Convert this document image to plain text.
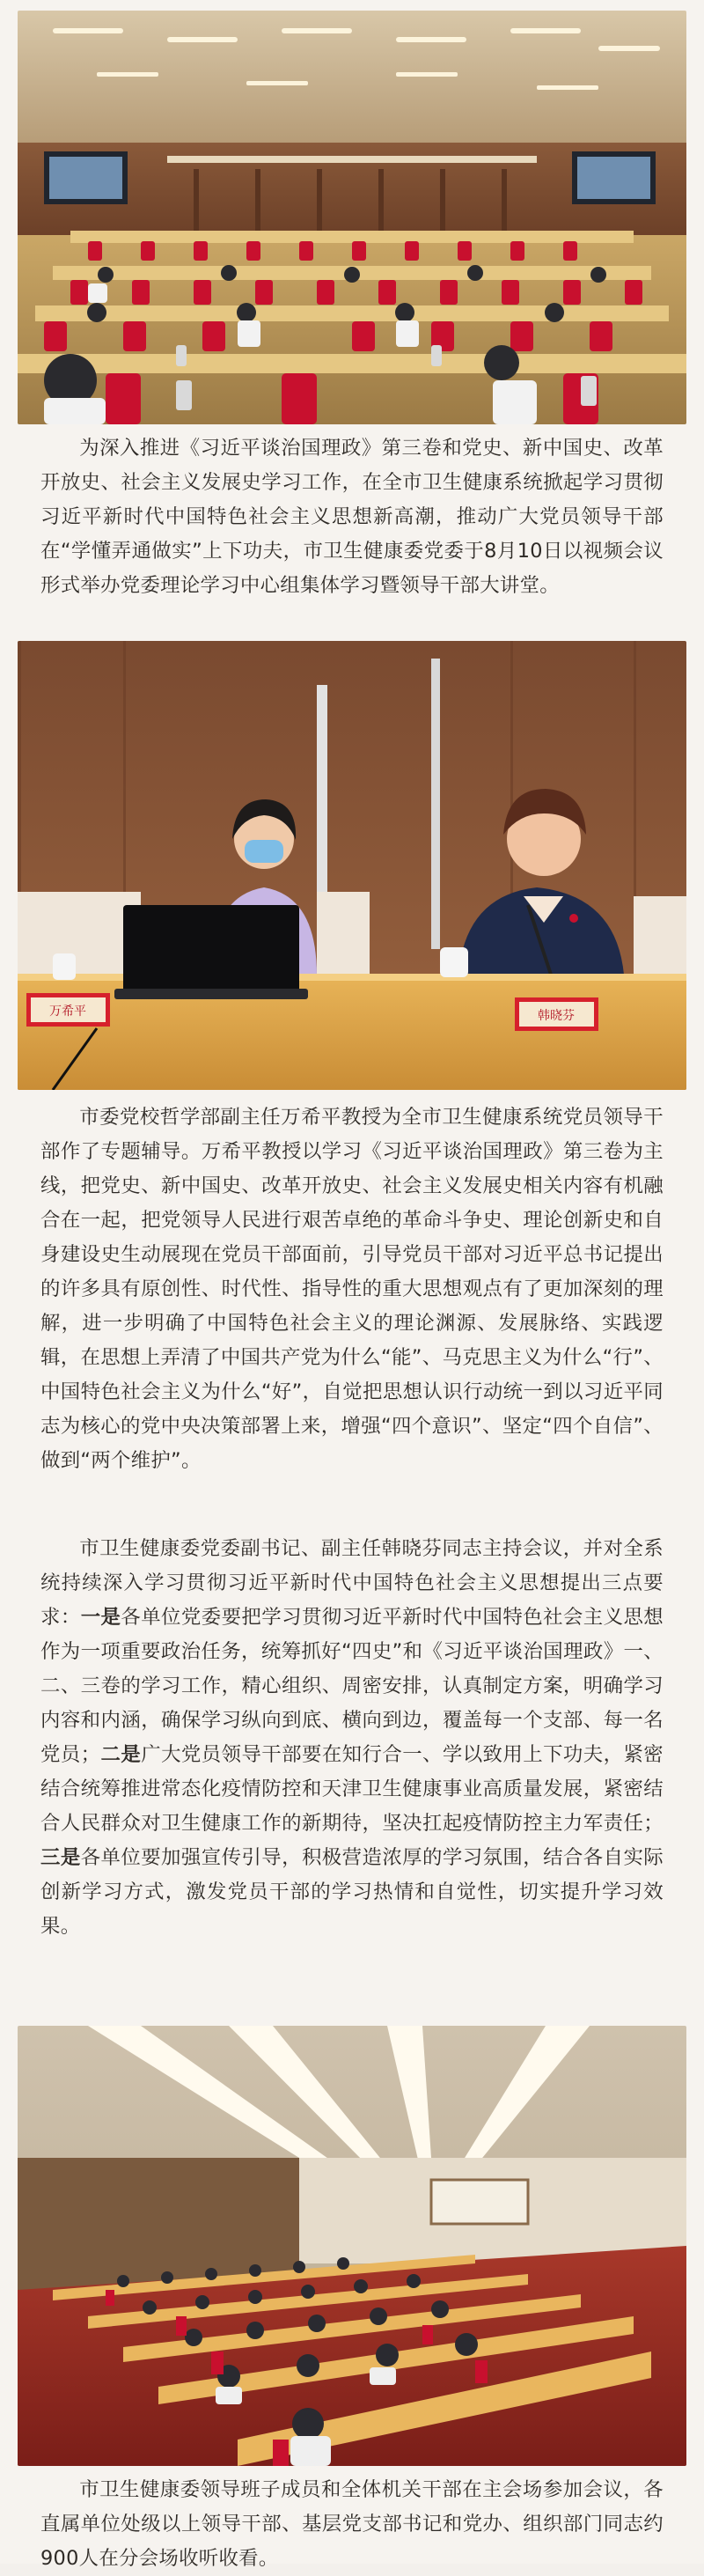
为深入推进《习近平谈治国理政》第三卷和党史、新中国史、改革开放史、社会主义发展史学习工作，在全市卫生健康系统掀起学习贯彻习近平新时代中国特色社会主义思想新高潮，推动广大党员领导干部在“学懂弄通做实”上下功夫，市卫生健康委党委于8月10日以视频会议形式举办党委理论学习中心组集体学习暨领导干部大讲堂。

万希平	韩晓芬

市委党校哲学部副主任万希平教授为全市卫生健康系统党员领导干部作了专题辅导。万希平教授以学习《习近平谈治国理政》第三卷为主线，把党史、新中国史、改革开放史、社会主义发展史相关内容有机融合在一起，把党领导人民进行艰苦卓绝的革命斗争史、理论创新史和自身建设史生动展现在党员干部面前，引导党员干部对习近平总书记提出的许多具有原创性、时代性、指导性的重大思想观点有了更加深刻的理解，进一步明确了中国特色社会主义的理论渊源、发展脉络、实践逻辑，在思想上弄清了中国共产党为什么“能”、马克思主义为什么“行”、中国特色社会主义为什么“好”，自觉把思想认识行动统一到以习近平同志为核心的党中央决策部署上来，增强“四个意识”、坚定“四个自信”、做到“两个维护”。

市卫生健康委党委副书记、副主任韩晓芬同志主持会议，并对全系统持续深入学习贯彻习近平新时代中国特色社会主义思想提出三点要求：一是各单位党委要把学习贯彻习近平新时代中国特色社会主义思想作为一项重要政治任务，统筹抓好“四史”和《习近平谈治国理政》一、二、三卷的学习工作，精心组织、周密安排，认真制定方案，明确学习内容和内涵，确保学习纵向到底、横向到边，覆盖每一个支部、每一名党员；二是广大党员领导干部要在知行合一、学以致用上下功夫，紧密结合统筹推进常态化疫情防控和天津卫生健康事业高质量发展，紧密结合人民群众对卫生健康工作的新期待，坚决扛起疫情防控主力军责任；三是各单位要加强宣传引导，积极营造浓厚的学习氛围，结合各自实际创新学习方式，激发党员干部的学习热情和自觉性，切实提升学习效果。

市卫生健康委领导班子成员和全体机关干部在主会场参加会议，各直属单位处级以上领导干部、基层党支部书记和党办、组织部门同志约900人在分会场收听收看。
